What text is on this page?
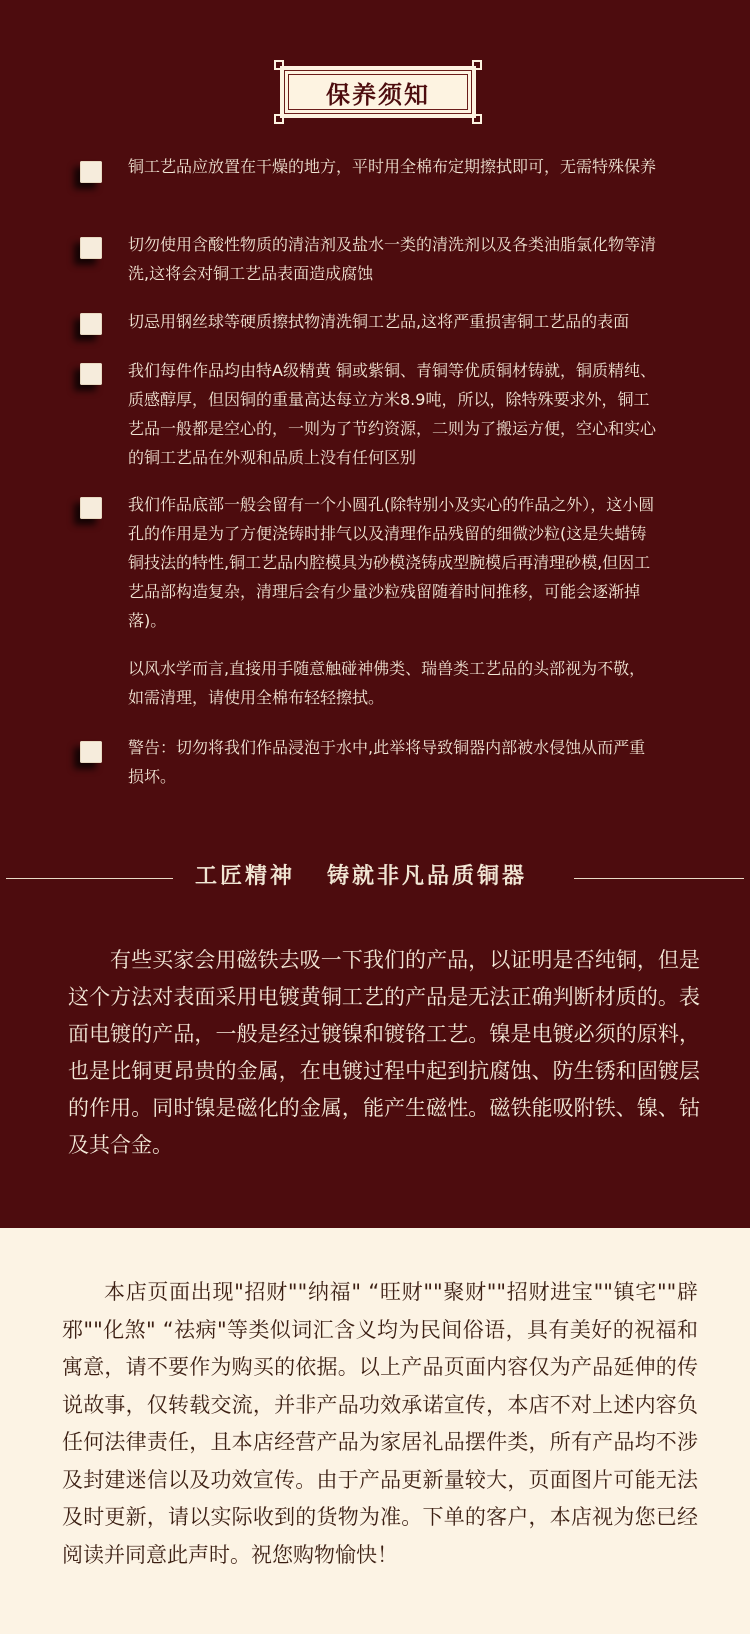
保养须知
铜工艺品应放置在干燥的地方，平时用全棉布定期擦拭即可，无需特殊保养
切勿使用含酸性物质的清洁剂及盐水一类的清洗剂以及各类油脂氯化物等清洗,这将会对铜工艺品表面造成腐蚀
切忌用钢丝球等硬质擦拭物清洗铜工艺品,这将严重损害铜工艺品的表面
我们每件作品均由特A级精黄 铜或紫铜、青铜等优质铜材铸就，铜质精纯、质感醇厚，但因铜的重量高达每立方米8.9吨，所以，除特殊要求外，铜工艺品一般都是空心的，一则为了节约资源，二则为了搬运方便，空心和实心的铜工艺品在外观和品质上没有任何区别
我们作品底部一般会留有一个小圆孔(除特别小及实心的作品之外），这小圆孔的作用是为了方便浇铸时排气以及清理作品残留的细微沙粒(这是失蜡铸铜技法的特性,铜工艺品内腔模具为砂模浇铸成型腕模后再清理砂模,但因工艺品部构造复杂，清理后会有少量沙粒残留随着时间推移，可能会逐渐掉落)。
以风水学而言,直接用手随意触碰神佛类、瑞兽类工艺品的头部视为不敬，如需清理，请使用全棉布轻轻擦拭。
警告：切勿将我们作品浸泡于水中,此举将导致铜器内部被水侵蚀从而严重损坏。
工匠精神 铸就非凡品质铜器

有些买家会用磁铁去吸一下我们的产品，以证明是否纯铜，但是这个方法对表面采用电镀黄铜工艺的产品是无法正确判断材质的。表面电镀的产品，一般是经过镀镍和镀铬工艺。镍是电镀必须的原料，也是比铜更昂贵的金属，在电镀过程中起到抗腐蚀、防生锈和固镀层的作用。同时镍是磁化的金属，能产生磁性。磁铁能吸附铁、镍、钴及其合金。

本店页面出现"招财""纳福" “旺财""聚财""招财进宝""镇宅""辟邪""化煞" “祛病"等类似词汇含义均为民间俗语，具有美好的祝福和寓意，请不要作为购买的依据。以上产品页面内容仅为产品延伸的传说故事，仅转载交流，并非产品功效承诺宣传，本店不对上述内容负任何法律责任，且本店经营产品为家居礼品摆件类，所有产品均不涉及封建迷信以及功效宣传。由于产品更新量较大，页面图片可能无法及时更新，请以实际收到的货物为准。下单的客户，本店视为您已经阅读并同意此声时。祝您购物愉快！
